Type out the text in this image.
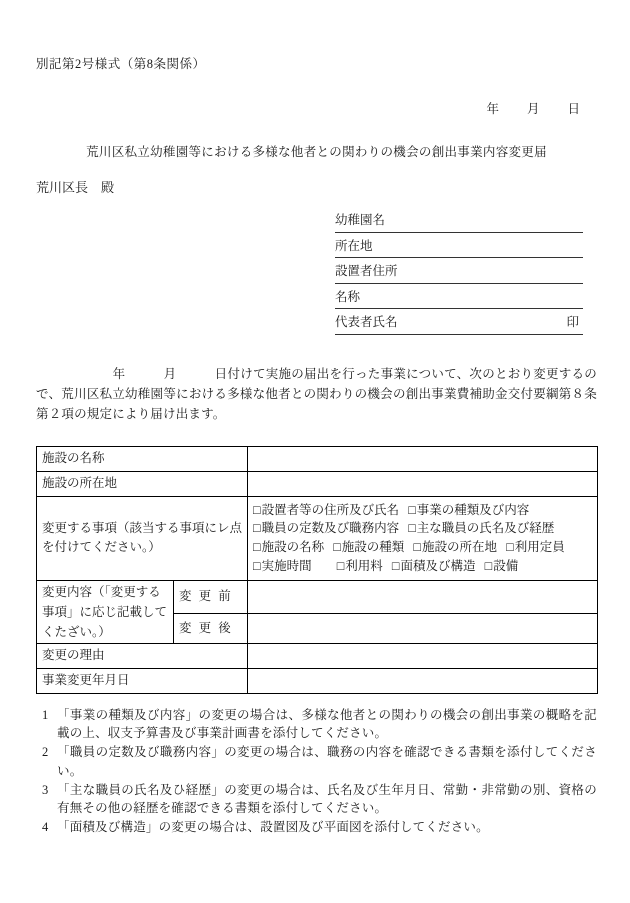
別記第2号様式（第8条関係）
年　　月　　日
荒川区私立幼稚園等における多様な他者との関わりの機会の創出事業内容変更届
荒川区長　殿
幼稚園名
所在地
設置者住所
名称
代表者氏名	印

　　　　　　年　　　月　　　日付けて実施の届出を行った事業について、次のとおり変更するので、荒川区私立幼稚園等における多様な他者との関わりの機会の創出事業費補助金交付要綱第８条第２項の規定により届け出ます。

施設の名称		
施設の所在地		
変更する事項（該当する事項にレ点を付けてください。）		□設置者等の住所及び氏名 □事業の種類及び内容
□職員の定数及び職務内容 □主な職員の氏名及び経歴
□施設の名称 □施設の種類 □施設の所在地 □利用定員
□実施時間 □利用料 □面積及び構造 □設備

変更内容（「変更する事項」に応じ記載してくたざい。）	変 更 前	
	変 更 後	
変更の理由		
事業変更年月日		
1 「事業の種類及び内容」の変更の場合は、多様な他者との関わりの機会の創出事業の概略を記載の上、収支予算書及び事業計画書を添付してください。
2 「職員の定数及び職務内容」の変更の場合は、職務の内容を確認できる書類を添付してください。
3 「主な職員の氏名及ひ経歴」の変更の場合は、氏名及び生年月日、常勤・非常勤の別、資格の有無その他の経歴を確認できる書類を添付してください。
4 「面積及び構造」の変更の場合は、設置図及び平面図を添付してください。
